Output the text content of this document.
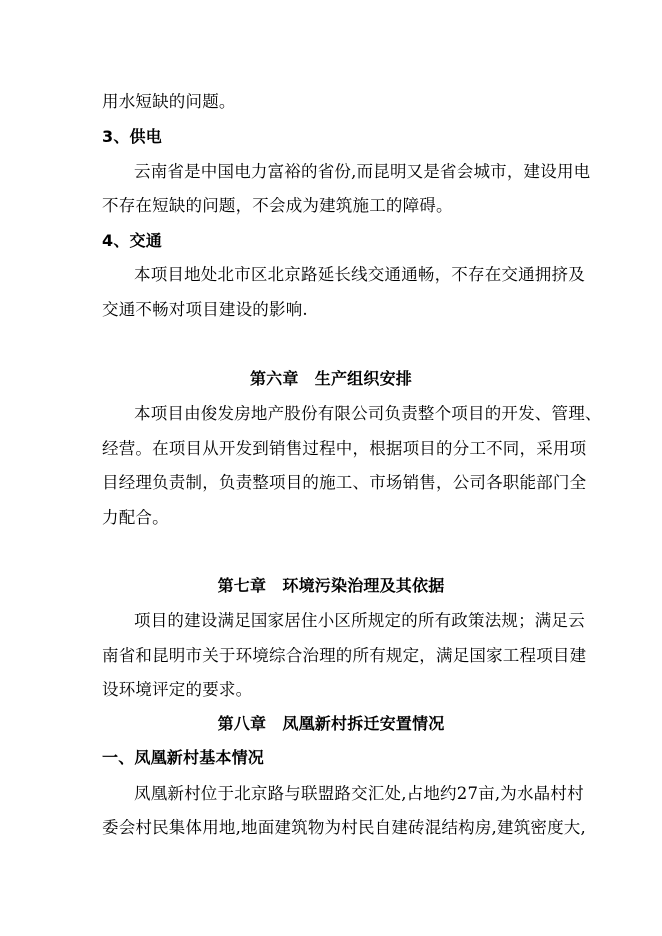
用水短缺的问题。
3、供电
云南省是中国电力富裕的省份,而昆明又是省会城市，建设用电
不存在短缺的问题，不会成为建筑施工的障碍。
4、交通
本项目地处北市区北京路延长线交通通畅，不存在交通拥挤及
交通不畅对项目建设的影响.
第六章　生产组织安排
本项目由俊发房地产股份有限公司负责整个项目的开发、管理、
经营。在项目从开发到销售过程中，根据项目的分工不同，采用项
目经理负责制，负责整项目的施工、市场销售，公司各职能部门全
力配合。
第七章　环境污染治理及其依据
项目的建设满足国家居住小区所规定的所有政策法规；满足云
南省和昆明市关于环境综合治理的所有规定，满足国家工程项目建
设环境评定的要求。
第八章　凤凰新村拆迁安置情况
一、凤凰新村基本情况
凤凰新村位于北京路与联盟路交汇处,占地约27亩,为水晶村村
委会村民集体用地,地面建筑物为村民自建砖混结构房,建筑密度大,
